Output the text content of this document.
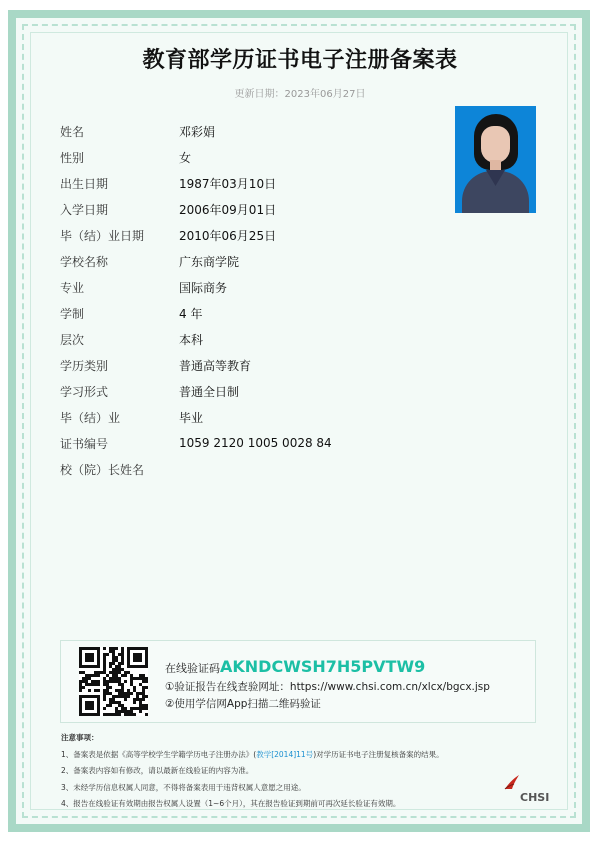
教育部学历证书电子注册备案表
更新日期：2023年06月27日
姓名	邓彩娟
性别	女
出生日期	1987年03月10日
入学日期	2006年09月01日
毕（结）业日期	2010年06月25日
学校名称	广东商学院
专业	国际商务
学制	4 年
层次	本科
学历类别	普通高等教育
学习形式	普通全日制
毕（结）业	毕业
证书编号	1059 2120 1005 0028 84
校（院）长姓名
在线验证码AKNDCWSH7H5PVTW9
①验证报告在线查验网址：https://www.chsi.com.cn/xlcx/bgcx.jsp
②使用学信网App扫描二维码验证
注意事项：
1、备案表是依据《高等学校学生学籍学历电子注册办法》(教学[2014]11号)对学历证书电子注册复核备案的结果。
2、备案表内容如有修改，请以最新在线验证的内容为准。
3、未经学历信息权属人同意，不得将备案表用于违背权属人意愿之用途。
4、报告在线验证有效期由报告权属人设置（1~6个月），其在报告验证到期前可再次延长验证有效期。	CHSI
